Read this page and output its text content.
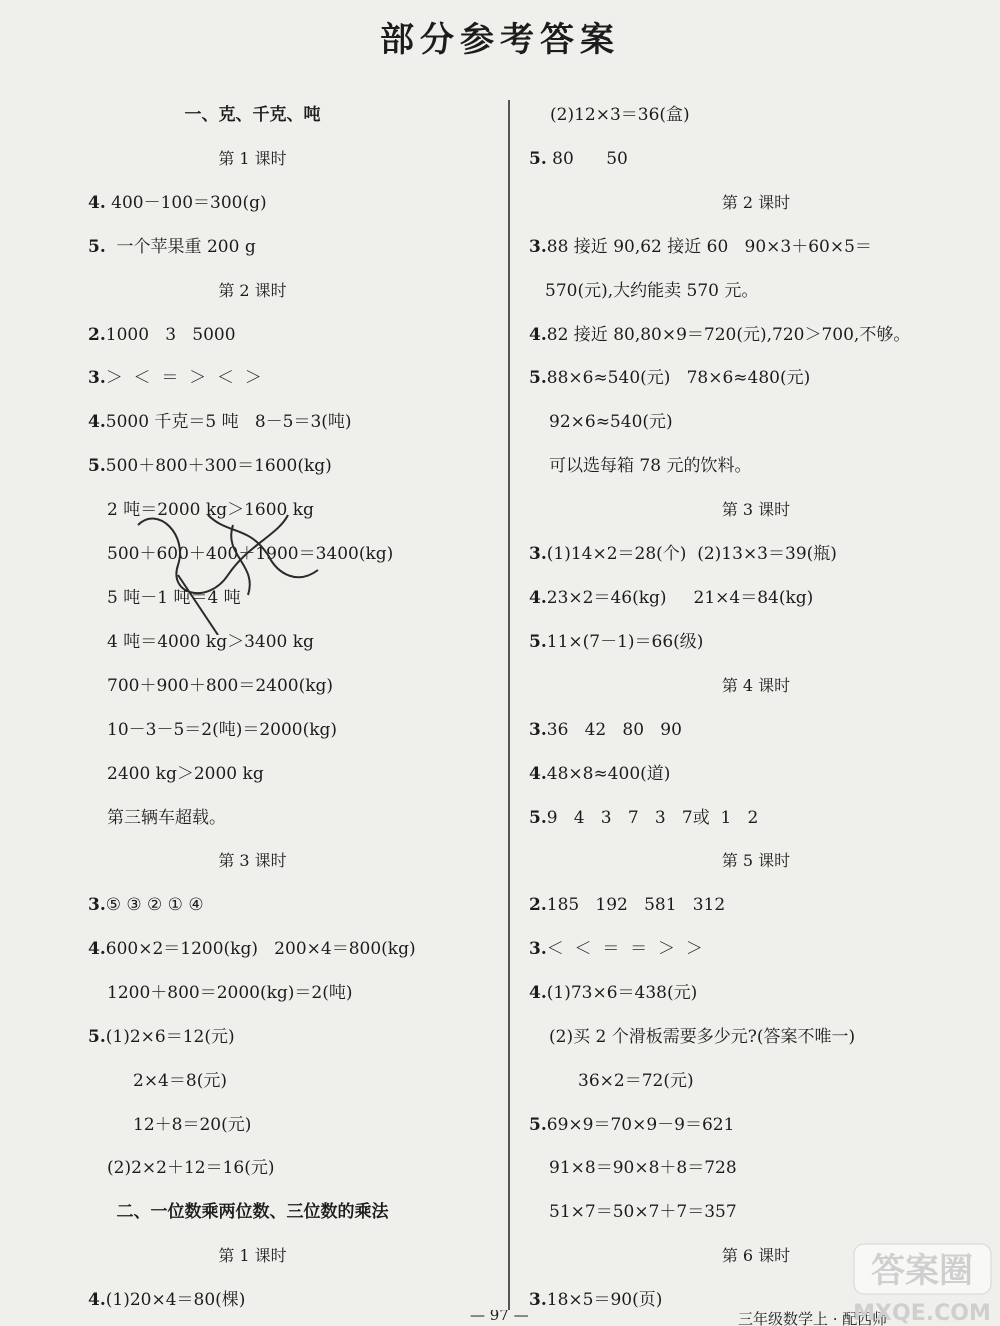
部分参考答案
一、克、千克、吨
第 1 课时
4. 400－100＝300(g)
5.  一个苹果重 200 g
第 2 课时
2.1000   3   5000
3.＞  ＜  ＝  ＞  ＜  ＞
4.5000 千克＝5 吨   8－5＝3(吨)
5.500＋800＋300＝1600(kg)
2 吨＝2000 kg＞1600 kg
500＋600＋400＋1900＝3400(kg)
5 吨－1 吨＝4 吨
4 吨＝4000 kg＞3400 kg
700＋900＋800＝2400(kg)
10－3－5＝2(吨)＝2000(kg)
2400 kg＞2000 kg
第三辆车超载。
第 3 课时
3.⑤ ③ ② ① ④
4.600×2＝1200(kg)   200×4＝800(kg)
1200＋800＝2000(kg)＝2(吨)
5.(1)2×6＝12(元)
2×4＝8(元)
12＋8＝20(元)
(2)2×2＋12＝16(元)
二、一位数乘两位数、三位数的乘法
第 1 课时
4.(1)20×4＝80(棵)
(2)12×3＝36(盒)
5. 80      50
第 2 课时
3.88 接近 90,62 接近 60   90×3＋60×5＝
570(元),大约能卖 570 元。
4.82 接近 80,80×9＝720(元),720＞700,不够。
5.88×6≈540(元)   78×6≈480(元)
92×6≈540(元)
可以选每箱 78 元的饮料。
第 3 课时
3.(1)14×2＝28(个)  (2)13×3＝39(瓶)
4.23×2＝46(kg)     21×4＝84(kg)
5.11×(7－1)＝66(级)
第 4 课时
3.36   42   80   90
4.48×8≈400(道)
5.9   4   3   7   3   7或  1   2
第 5 课时
2.185   192   581   312
3.＜  ＜  ＝  ＝  ＞  ＞
4.(1)73×6＝438(元)
(2)买 2 个滑板需要多少元?(答案不唯一)
36×2＝72(元)
5.69×9＝70×9－9＝621
91×8＝90×8＋8＝728
51×7＝50×7＋7＝357
第 6 课时
3.18×5＝90(页)
— 97 —	三年级数学上 · 配西师
答案圈
MXQE.COM
